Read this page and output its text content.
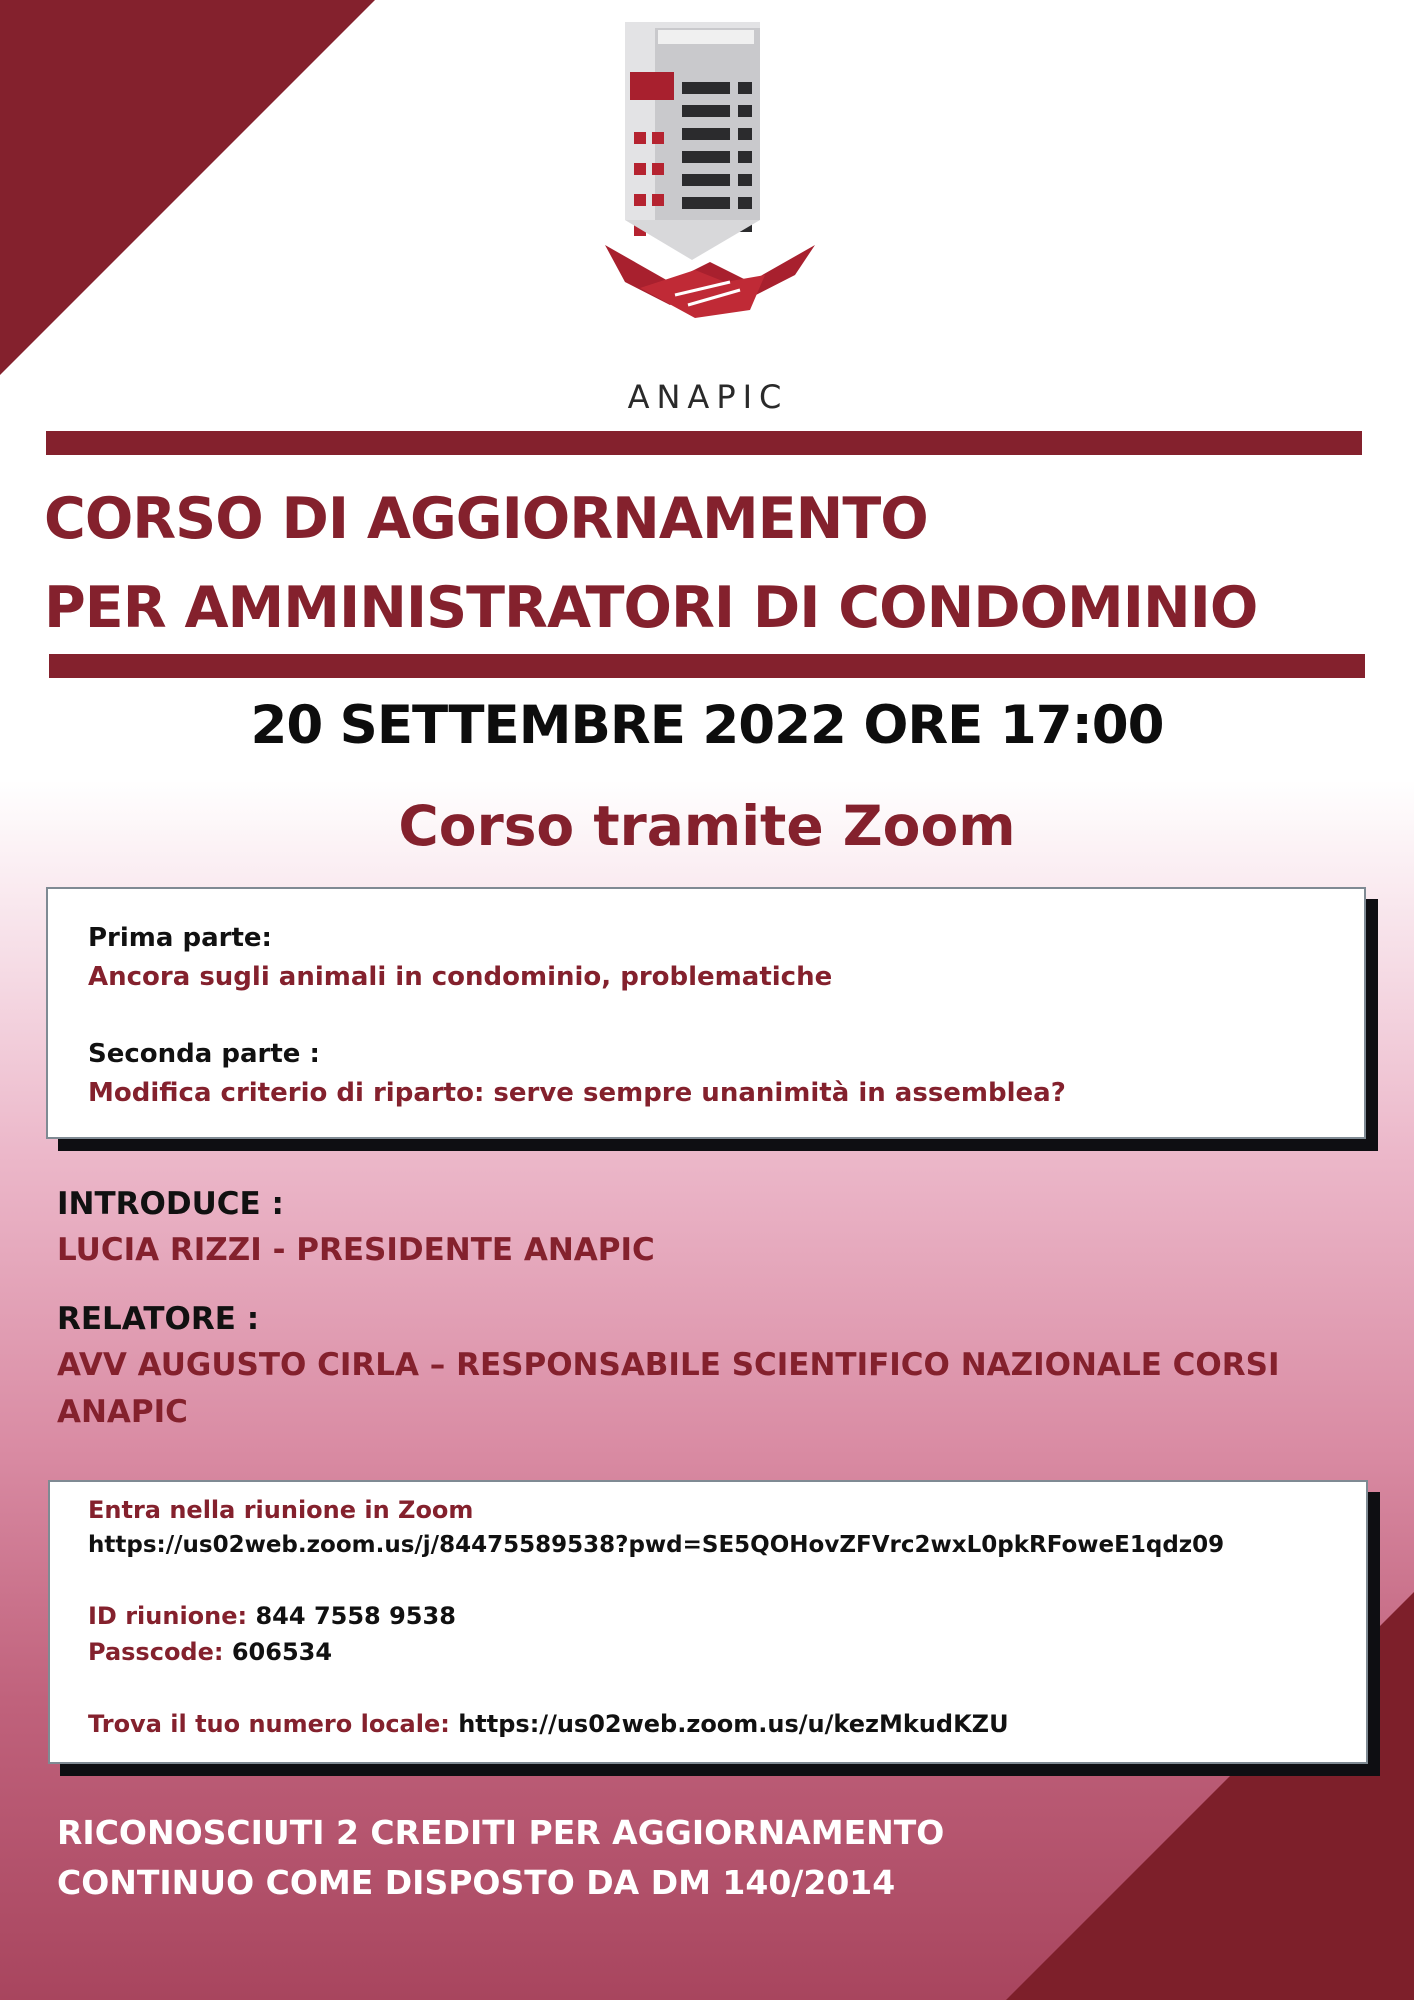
ANAPIC
CORSO DI AGGIORNAMENTO
PER AMMINISTRATORI DI CONDOMINIO
20 SETTEMBRE 2022 ORE 17:00
Corso tramite Zoom
Prima parte:
Ancora sugli animali in condominio, problematiche
Seconda parte :
Modifica criterio di riparto: serve sempre unanimità in assemblea?
INTRODUCE :
LUCIA RIZZI - PRESIDENTE ANAPIC
RELATORE :
AVV AUGUSTO CIRLA – RESPONSABILE SCIENTIFICO NAZIONALE CORSI
ANAPIC
Entra nella riunione in Zoom
https://us02web.zoom.us/j/84475589538?pwd=SE5QOHovZFVrc2wxL0pkRFoweE1qdz09
ID riunione: 844 7558 9538
Passcode: 606534
Trova il tuo numero locale: https://us02web.zoom.us/u/kezMkudKZU
RICONOSCIUTI 2 CREDITI PER AGGIORNAMENTO
CONTINUO COME DISPOSTO DA DM 140/2014
